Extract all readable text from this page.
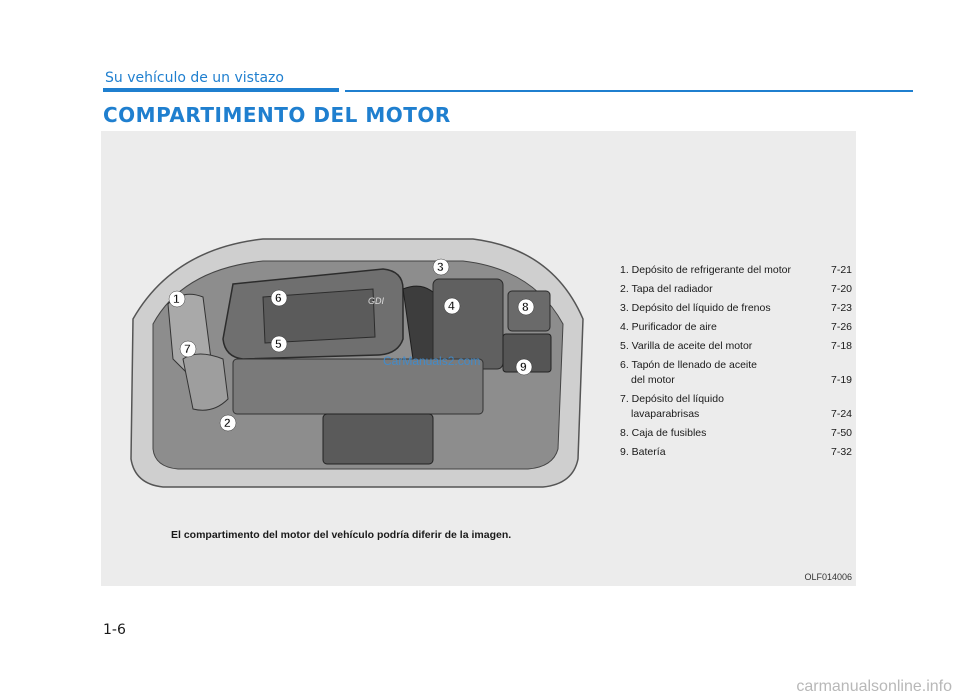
Su vehículo de un vistazo
COMPARTIMENTO DEL MOTOR
GDI
1
2
3
4
5
6
7
8
9
1. Depósito de refrigerante del motor	7-21
2. Tapa del radiador	7-20
3. Depósito del líquido de frenos	7-23
4. Purificador de aire	7-26
5. Varilla de aceite del motor	7-18
6. Tapón de llenado de aceite
del motor	7-19
7. Depósito del líquido
lavaparabrisas	7-24
8. Caja de fusibles	7-50
9. Batería	7-32
El compartimento del motor del vehículo podría diferir de la imagen.
OLF014006
CarManuals2.com
1-6
carmanualsonline.info
